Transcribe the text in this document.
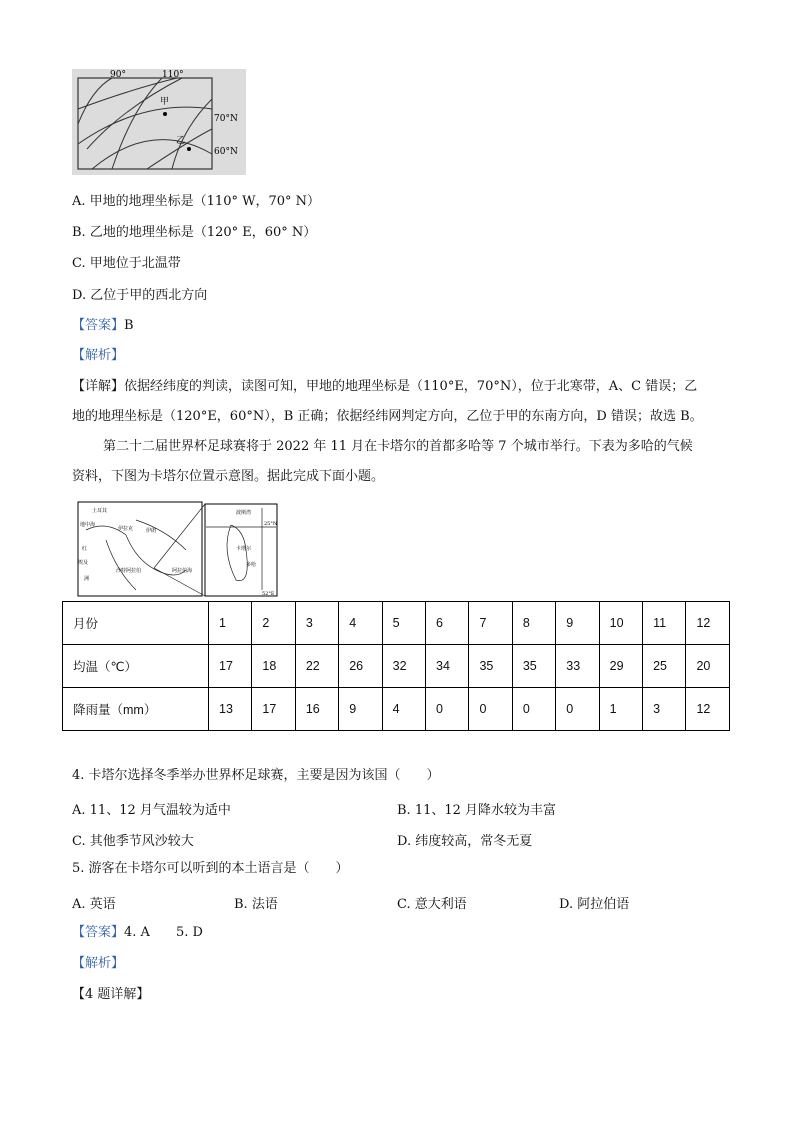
90°	110°
70°N
60°N
甲
乙
A. 甲地的地理坐标是（110° W，70° N）
B. 乙地的地理坐标是（120° E，60° N）
C. 甲地位于北温带
D. 乙位于甲的西北方向
【答案】B
【解析】
【详解】依据经纬度的判读，读图可知，甲地的地理坐标是（110°E，70°N），位于北寒带，A、C 错误；乙
地的地理坐标是（120°E，60°N），B 正确；依据经纬网判定方向，乙位于甲的东南方向，D 错误；故选 B。
第二十二届世界杯足球赛将于 2022 年 11 月在卡塔尔的首都多哈等 7 个城市举行。下表为多哈的气候
资料，下图为卡塔尔位置示意图。据此完成下面小题。
土耳其
地中海
红
埃及
洲
伊拉克	伊朗
沙特阿拉伯	阿拉伯海
波斯湾
卡塔尔
多哈
25°N
52°E
月份	1	2	3	4	5	6	7	8	9	10	11	12
均温（℃）	17	18	22	26	32	34	35	35	33	29	25	20
降雨量（mm）	13	17	16	9	4	0	0	0	0	1	3	12
4. 卡塔尔选择冬季举办世界杯足球赛，主要是因为该国（　　）
A. 11、12 月气温较为适中	B. 11、12 月降水较为丰富
C. 其他季节风沙较大	D. 纬度较高，常冬无夏
5. 游客在卡塔尔可以听到的本土语言是（　　）
A. 英语	B. 法语	C. 意大利语	D. 阿拉伯语
【答案】4. A　　5. D
【解析】
【4 题详解】
